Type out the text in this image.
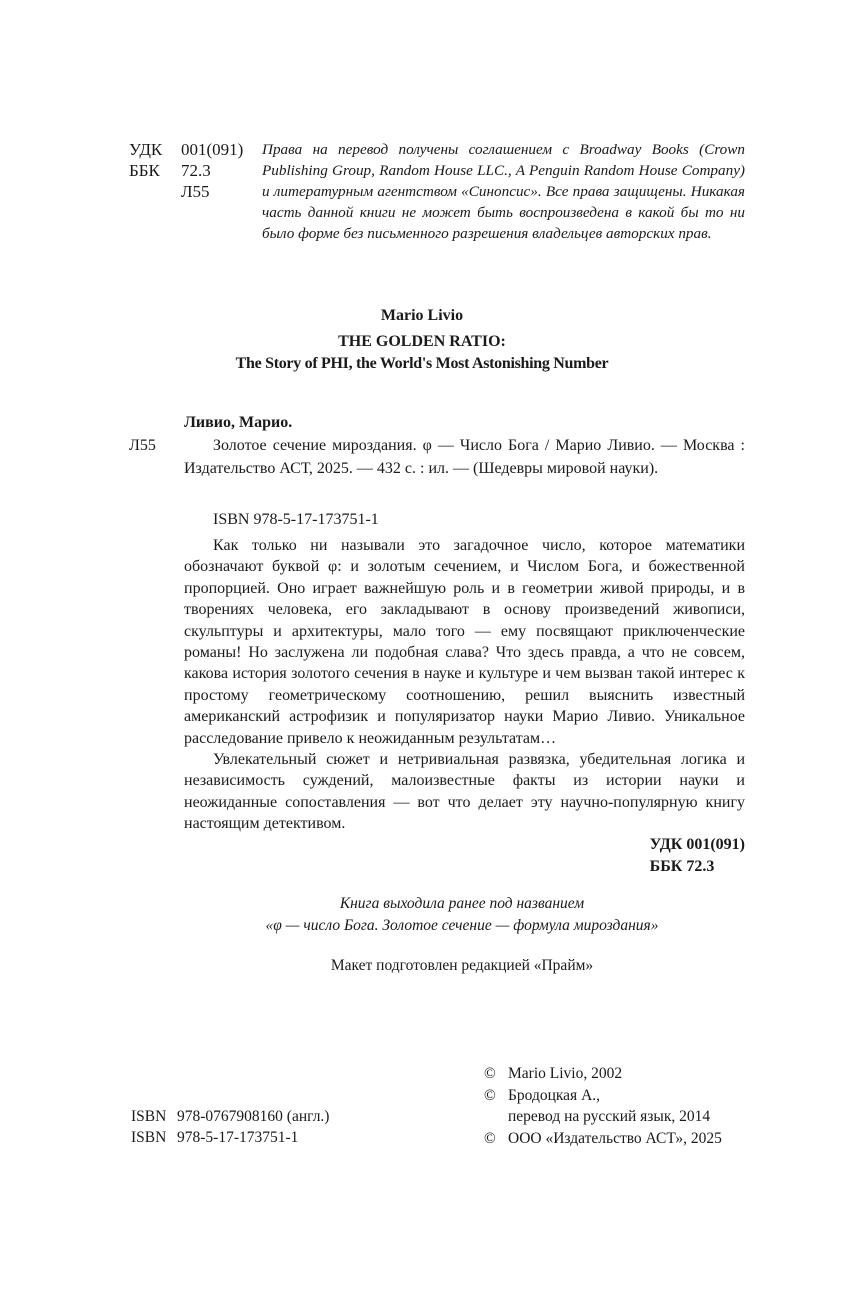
УДК	001(091)
ББК	72.3
Л55
Права на перевод получены соглашением с Broadway Books (Crown Publishing Group, Random House LLC., A Penguin Random House Company) и литературным агентством «Синопсис». Все права защищены. Никакая часть данной книги не может быть воспроизведена в какой бы то ни было форме без письменного разрешения владельцев авторских прав.
Mario Livio
THE GOLDEN RATIO:
The Story of PHI, the World's Most Astonishing Number
Ливио, Марио.
Л55	Золотое сечение мироздания. φ — Число Бога / Марио Ливио. — Москва : Издательство АСТ, 2025. — 432 с. : ил. — (Шедевры мировой науки).
ISBN 978-5-17-173751-1

Как только ни называли это загадочное число, которое математики обозначают буквой φ: и золотым сечением, и Числом Бога, и божественной пропорцией. Оно играет важнейшую роль и в геометрии живой природы, и в творениях человека, его закладывают в основу произведений живописи, скульптуры и архитектуры, мало того — ему посвящают приключенческие романы! Но заслужена ли подобная слава? Что здесь правда, а что не совсем, какова история золотого сечения в науке и культуре и чем вызван такой интерес к простому геометрическому соотношению, решил выяснить известный американский астрофизик и популяризатор науки Марио Ливио. Уникальное расследование привело к неожиданным результатам…

Увлекательный сюжет и нетривиальная развязка, убедительная логика и независимость суждений, малоизвестные факты из истории науки и неожиданные сопоставления — вот что делает эту научно-популярную книгу настоящим детективом.

УДК 001(091)
ББК 72.3
Книга выходила ранее под названием
«φ — число Бога. Золотое сечение — формула мироздания»
Макет подготовлен редакцией «Прайм»
ISBN 978-0767908160 (англ.)
ISBN 978-5-17-173751-1
© Mario Livio, 2002
© Бродоцкая А.,
перевод на русский язык, 2014
© ООО «Издательство АСТ», 2025
